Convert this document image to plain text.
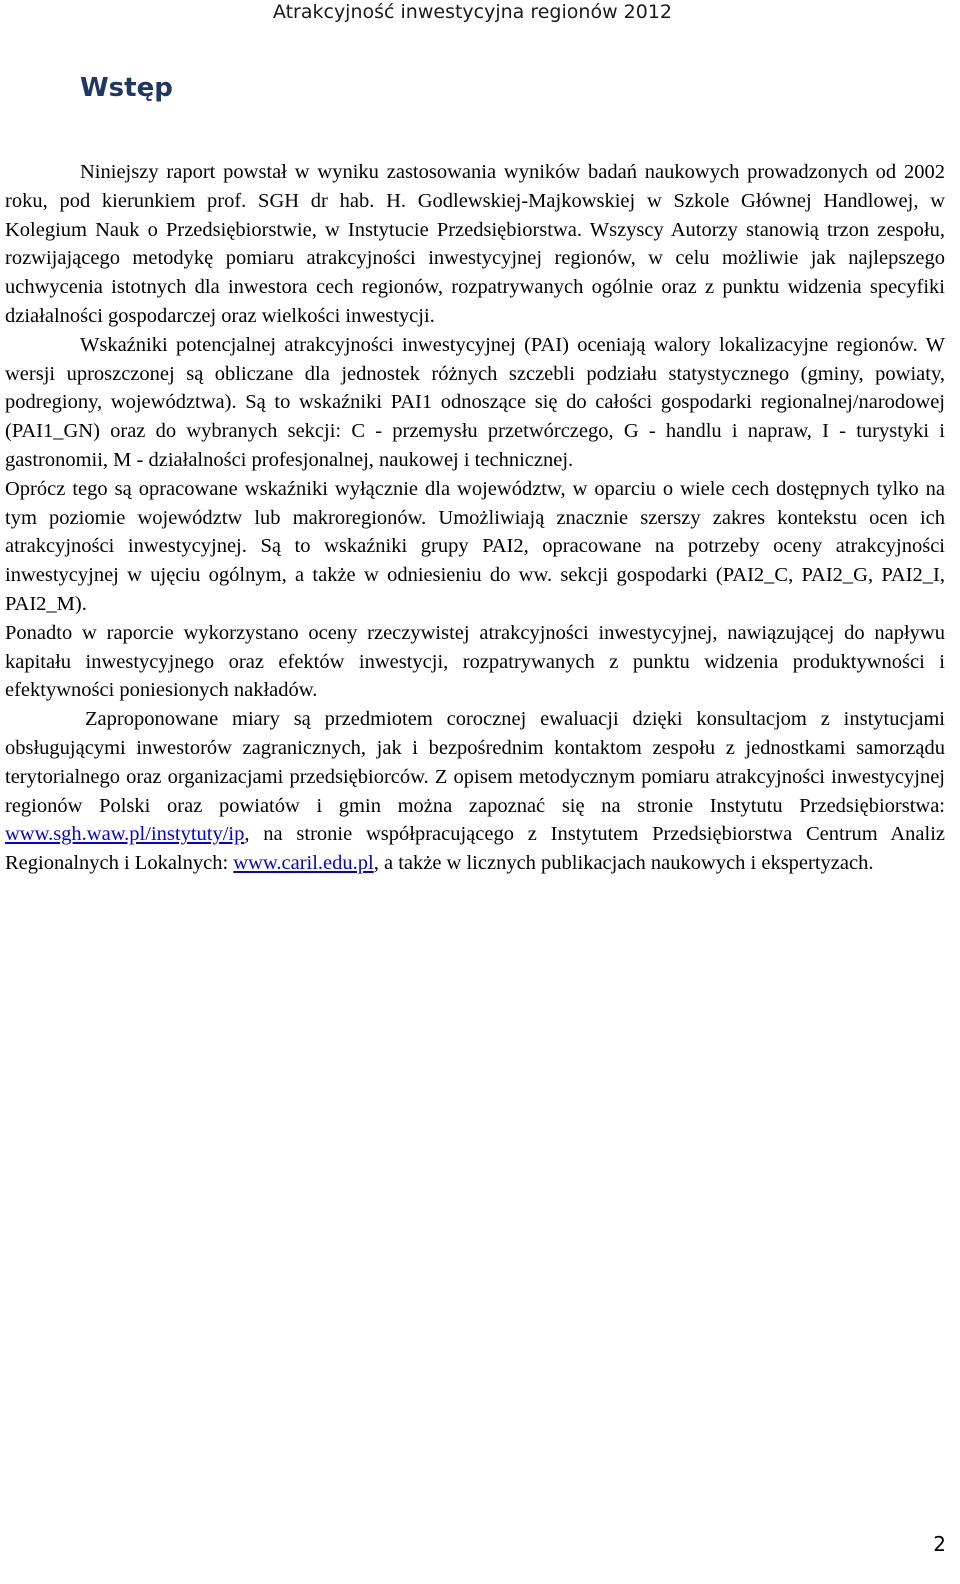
Atrakcyjność inwestycyjna regionów 2012
Wstęp

Niniejszy raport powstał w wyniku zastosowania wyników badań naukowych prowadzonych od 2002 roku, pod kierunkiem prof. SGH dr hab. H. Godlewskiej-Majkowskiej w Szkole Głównej Handlowej, w Kolegium Nauk o Przedsiębiorstwie, w Instytucie Przedsiębiorstwa. Wszyscy Autorzy stanowią trzon zespołu, rozwijającego metodykę pomiaru atrakcyjności inwestycyjnej regionów, w celu możliwie jak najlepszego uchwycenia istotnych dla inwestora cech regionów, rozpatrywanych ogólnie oraz z punktu widzenia specyfiki działalności gospodarczej oraz wielkości inwestycji.

Wskaźniki potencjalnej atrakcyjności inwestycyjnej (PAI) oceniają walory lokalizacyjne regionów. W wersji uproszczonej są obliczane dla jednostek różnych szczebli podziału statystycznego (gminy, powiaty, podregiony, województwa). Są to wskaźniki PAI1 odnoszące się do całości gospodarki regionalnej/narodowej (PAI1_GN) oraz do wybranych sekcji: C - przemysłu przetwórczego, G - handlu i napraw, I - turystyki i gastronomii, M - działalności profesjonalnej, naukowej i technicznej.

Oprócz tego są opracowane wskaźniki wyłącznie dla województw, w oparciu o wiele cech dostępnych tylko na tym poziomie województw lub makroregionów. Umożliwiają znacznie szerszy zakres kontekstu ocen ich atrakcyjności inwestycyjnej. Są to wskaźniki grupy PAI2, opracowane na potrzeby oceny atrakcyjności inwestycyjnej w ujęciu ogólnym, a także w odniesieniu do ww. sekcji gospodarki (PAI2_C, PAI2_G, PAI2_I, PAI2_M).

Ponadto w raporcie wykorzystano oceny rzeczywistej atrakcyjności inwestycyjnej, nawiązującej do napływu kapitału inwestycyjnego oraz efektów inwestycji, rozpatrywanych z punktu widzenia produktywności i efektywności poniesionych nakładów.

Zaproponowane miary są przedmiotem corocznej ewaluacji dzięki konsultacjom z instytucjami obsługującymi inwestorów zagranicznych, jak i bezpośrednim kontaktom zespołu z jednostkami samorządu terytorialnego oraz organizacjami przedsiębiorców. Z opisem metodycznym pomiaru atrakcyjności inwestycyjnej regionów Polski oraz powiatów i gmin można zapoznać się na stronie Instytutu Przedsiębiorstwa: www.sgh.waw.pl/instytuty/ip, na stronie współpracującego z Instytutem Przedsiębiorstwa Centrum Analiz Regionalnych i Lokalnych: www.caril.edu.pl, a także w licznych publikacjach naukowych i ekspertyzach.

2
